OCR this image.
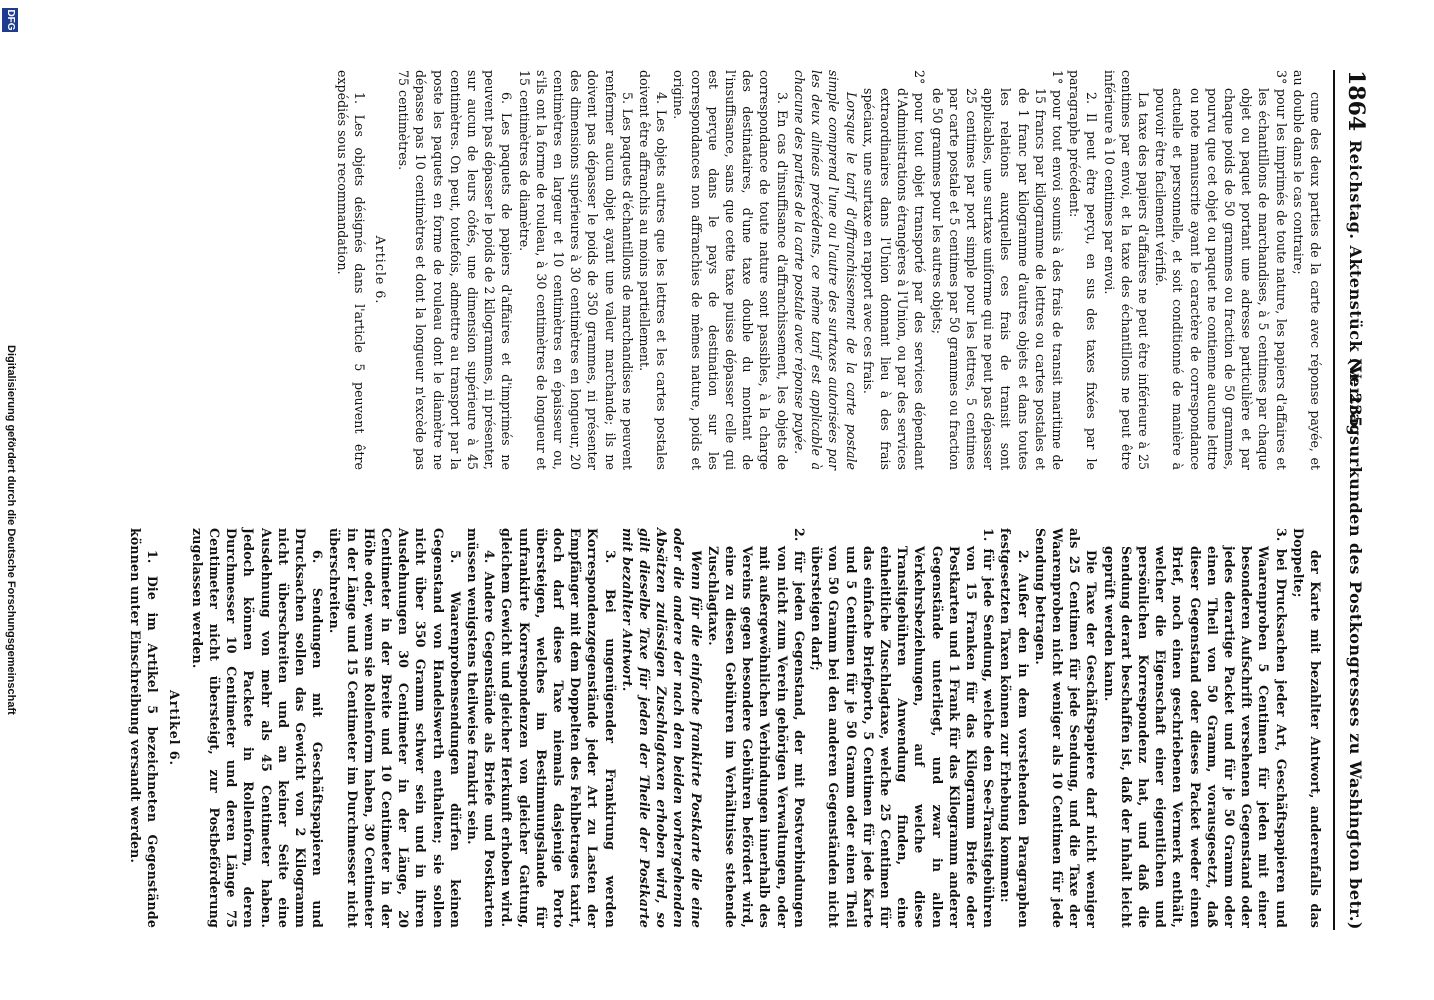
1864
Reichstag. Aktenstück Nr. 235.
(Vertragsurkunden des Postkongresses zu Washington betr.)

cune des deux parties de la carte avec réponse payée, et au double dans le cas contraire;

3° pour les imprimés de toute nature, les papiers d'affaires et les échantillons de marchandises, à 5 centimes par chaque objet ou paquet portant une adresse particulière et par chaque poids de 50 grammes ou fraction de 50 grammes, pourvu que cet objet ou paquet ne contienne aucune lettre ou note manuscrite ayant le caractère de correspondance actuelle et personnelle, et soit conditionné de manière à pouvoir être facilement vérifié.

La taxe des papiers d'affaires ne peut être inférieure à 25 centimes par envoi, et la taxe des échantillons ne peut être inférieure à 10 centimes par envoi.

2. Il peut être perçu, en sus des taxes fixées par le paragraphe précédent:

1° pour tout envoi soumis à des frais de transit maritime de 15 francs par kilogramme de lettres ou cartes postales et de 1 franc par kilogramme d'autres objets et dans toutes les relations auxquelles ces frais de transit sont applicables, une surtaxe uniforme qui ne peut pas dépasser 25 centimes par port simple pour les lettres, 5 centimes par carte postale et 5 centimes par 50 grammes ou fraction de 50 grammes pour les autres objets;

2° pour tout objet transporté par des services dépendant d'Administrations étrangères à l'Union, ou par des services extraordinaires dans l'Union donnant lieu à des frais spéciaux, une surtaxe en rapport avec ces frais.

Lorsque le tarif d'affranchissement de la carte postale simple comprend l'une ou l'autre des surtaxes autorisées par les deux alinéas précédents, ce même tarif est applicable à chacune des parties de la carte postale avec réponse payée.

3. En cas d'insuffisance d'affranchissement, les objets de correspondance de toute nature sont passibles, à la charge des destinataires, d'une taxe double du montant de l'insuffisance, sans que cette taxe puisse dépasser celle qui est perçue dans le pays de destination sur les correspondances non affranchies de mêmes nature, poids et origine.

4. Les objets autres que les lettres et les cartes postales doivent être affranchis au moins partiellement.

5. Les paquets d'échantillons de marchandises ne peuvent renfermer aucun objet ayant une valeur marchande; ils ne doivent pas dépasser le poids de 350 grammes, ni présenter des dimensions supérieures à 30 centimètres en longueur, 20 centimètres en largeur et 10 centimètres en épaisseur ou, s'ils ont la forme de rouleau, à 30 centimètres de longueur et 15 centimètres de diamètre.

6. Les paquets de papiers d'affaires et d'imprimés ne peuvent pas dépasser le poids de 2 kilogrammes, ni présenter, sur aucun de leurs côtés, une dimension supérieure à 45 centimètres. On peut, toutefois, admettre au transport par la poste les paquets en forme de rouleau dont le diamètre ne dépasse pas 10 centimètres et dont la longueur n'excède pas 75 centimètres.

Article 6.

1. Les objets désignés dans l'article 5 peuvent être expédiés sous recommandation.

der Karte mit bezahlter Antwort, anderenfalls das Doppelte;

3. bei Drucksachen jeder Art, Geschäftspapieren und Waarenproben 5 Centimen für jeden mit einer besonderen Aufschrift versehenen Gegenstand oder jedes derartige Packet und für je 50 Gramm oder einen Theil von 50 Gramm, vorausgesetzt, daß dieser Gegenstand oder dieses Packet weder einen Brief, noch einen geschriebenen Vermerk enthält, welcher die Eigenschaft einer eigentlichen und persönlichen Korrespondenz hat, und daß die Sendung derart beschaffen ist, daß der Inhalt leicht geprüft werden kann.

Die Taxe der Geschäftspapiere darf nicht weniger als 25 Centimen für jede Sendung, und die Taxe der Waarenproben nicht weniger als 10 Centimen für jede Sendung betragen.

2. Außer den in dem vorstehenden Paragraphen festgesetzten Taxen können zur Erhebung kommen:

1. für jede Sendung, welche den See-Transitgebühren von 15 Franken für das Kilogramm Briefe oder Postkarten und 1 Frank für das Kilogramm anderer Gegenstände unterliegt, und zwar in allen Verkehrsbeziehungen, auf welche diese Transitgebühren Anwendung finden, eine einheitliche Zuschlagtaxe, welche 25 Centimen für das einfache Briefporto, 5 Centimen für jede Karte und 5 Centimen für je 50 Gramm oder einen Theil von 50 Gramm bei den anderen Gegenständen nicht übersteigen darf;

2. für jeden Gegenstand, der mit Postverbindungen von nicht zum Verein gehörigen Verwaltungen, oder mit außergewöhnlichen Verbindungen innerhalb des Vereins gegen besondere Gebühren befördert wird, eine zu diesen Gebühren im Verhältnisse stehende Zuschlagtaxe.

Wenn für die einfache frankirte Postkarte die eine oder die andere der nach den beiden vorhergehenden Absätzen zulässigen Zuschlagtaxen erhoben wird, so gilt dieselbe Taxe für jeden der Theile der Postkarte mit bezahlter Antwort.

3. Bei ungenügender Frankirung werden Korrespondenzgegenstände jeder Art zu Lasten der Empfänger mit dem Doppelten des Fehlbetrages taxirt, doch darf diese Taxe niemals dasjenige Porto übersteigen, welches im Bestimmungslande für unfrankirte Korrespondenzen von gleicher Gattung, gleichem Gewicht und gleicher Herkunft erhoben wird.

4. Andere Gegenstände als Briefe und Postkarten müssen wenigstens theilweise frankirt sein.

5. Waarenprobensendungen dürfen keinen Gegenstand von Handelswerth enthalten; sie sollen nicht über 350 Gramm schwer sein und in ihren Ausdehnungen 30 Centimeter in der Länge, 20 Centimeter in der Breite und 10 Centimeter in der Höhe oder, wenn sie Rollenform haben, 30 Centimeter in der Länge und 15 Centimeter im Durchmesser nicht überschreiten.

6. Sendungen mit Geschäftspapieren und Drucksachen sollen das Gewicht von 2 Kilogramm nicht überschreiten und an keiner Seite eine Ausdehnung von mehr als 45 Centimeter haben. Jedoch können Packete in Rollenform, deren Durchmesser 10 Centimeter und deren Länge 75 Centimeter nicht übersteigt, zur Postbeförderung zugelassen werden.

Artikel 6.

1. Die im Artikel 5 bezeichneten Gegenstände können unter Einschreibung versandt werden.

DFG
Digitalisierung gefördert durch die Deutsche Forschungsgemeinschaft
